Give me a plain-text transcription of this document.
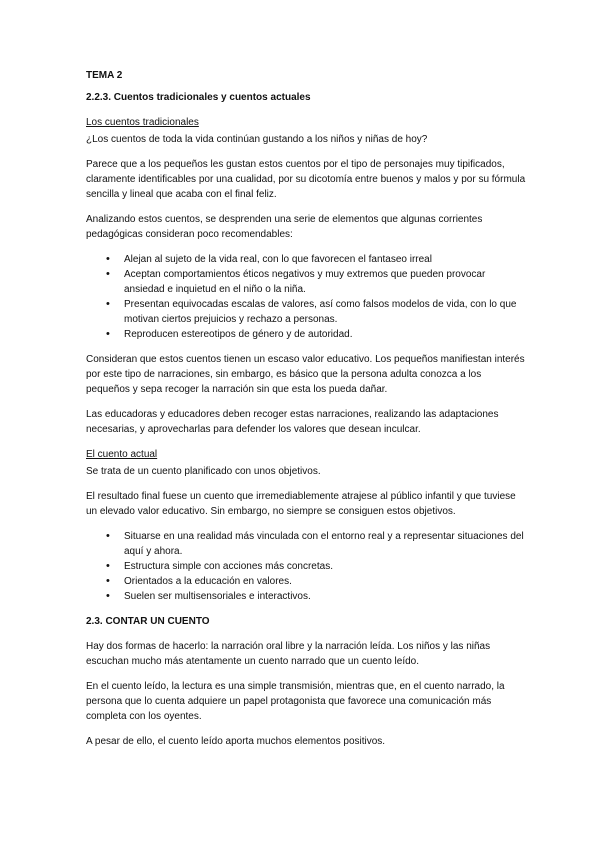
TEMA 2

2.2.3. Cuentos tradicionales y cuentos actuales

Los cuentos tradicionales

¿Los cuentos de toda la vida continúan gustando a los niños y niñas de hoy?

Parece que a los pequeños les gustan estos cuentos por el tipo de personajes muy tipificados, claramente identificables por una cualidad, por su dicotomía entre buenos y malos y por su fórmula sencilla y lineal que acaba con el final feliz.

Analizando estos cuentos, se desprenden una serie de elementos que algunas corrientes pedagógicas consideran poco recomendables:

• Alejan al sujeto de la vida real, con lo que favorecen el fantaseo irreal
• Aceptan comportamientos éticos negativos y muy extremos que pueden provocar ansiedad e inquietud en el niño o la niña.
• Presentan equivocadas escalas de valores, así como falsos modelos de vida, con lo que motivan ciertos prejuicios y rechazo a personas.
• Reproducen estereotipos de género y de autoridad.

Consideran que estos cuentos tienen un escaso valor educativo. Los pequeños manifiestan interés por este tipo de narraciones, sin embargo, es básico que la persona adulta conozca a los pequeños y sepa recoger la narración sin que esta los pueda dañar.

Las educadoras y educadores deben recoger estas narraciones, realizando las adaptaciones necesarias, y aprovecharlas para defender los valores que desean inculcar.

El cuento actual

Se trata de un cuento planificado con unos objetivos.

El resultado final fuese un cuento que irremediablemente atrajese al público infantil y que tuviese un elevado valor educativo. Sin embargo, no siempre se consiguen estos objetivos.

• Situarse en una realidad más vinculada con el entorno real y a representar situaciones del aquí y ahora.
• Estructura simple con acciones más concretas.
• Orientados a la educación en valores.
• Suelen ser multisensoriales e interactivos.

2.3. CONTAR UN CUENTO

Hay dos formas de hacerlo: la narración oral libre y la narración leída. Los niños y las niñas escuchan mucho más atentamente un cuento narrado que un cuento leído.

En el cuento leído, la lectura es una simple transmisión, mientras que, en el cuento narrado, la persona que lo cuenta adquiere un papel protagonista que favorece una comunicación más completa con los oyentes.

A pesar de ello, el cuento leído aporta muchos elementos positivos.
